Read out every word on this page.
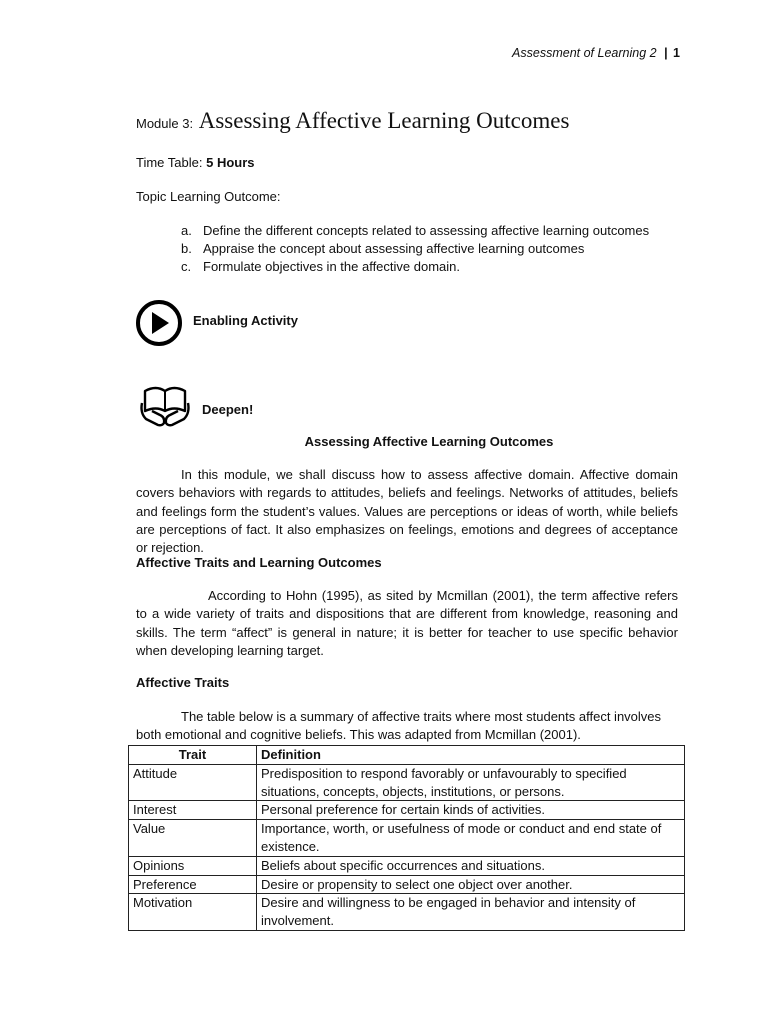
Assessment of Learning 2 | 1
Module 3: Assessing Affective Learning Outcomes
Time Table: 5 Hours
Topic Learning Outcome:
a. Define the different concepts related to assessing affective learning outcomes
b. Appraise the concept about assessing affective learning outcomes
c. Formulate objectives in the affective domain.
Enabling Activity
Deepen!
Assessing Affective Learning Outcomes

In this module, we shall discuss how to assess affective domain. Affective domain covers behaviors with regards to attitudes, beliefs and feelings. Networks of attitudes, beliefs and feelings form the student’s values. Values are perceptions or ideas of worth, while beliefs are perceptions of fact. It also emphasizes on feelings, emotions and degrees of acceptance or rejection.

Affective Traits and Learning Outcomes

According to Hohn (1995), as sited by Mcmillan (2001), the term affective refers to a wide variety of traits and dispositions that are different from knowledge, reasoning and skills. The term “affect” is general in nature; it is better for teacher to use specific behavior when developing learning target.

Affective Traits

The table below is a summary of affective traits where most students affect involves both emotional and cognitive beliefs. This was adapted from Mcmillan (2001).

Trait	Definition
Attitude	Predisposition to respond favorably or unfavourably to specified situations, concepts, objects, institutions, or persons.
Interest	Personal preference for certain kinds of activities.
Value	Importance, worth, or usefulness of mode or conduct and end state of existence.
Opinions	Beliefs about specific occurrences and situations.
Preference	Desire or propensity to select one object over another.
Motivation	Desire and willingness to be engaged in behavior and intensity of involvement.
